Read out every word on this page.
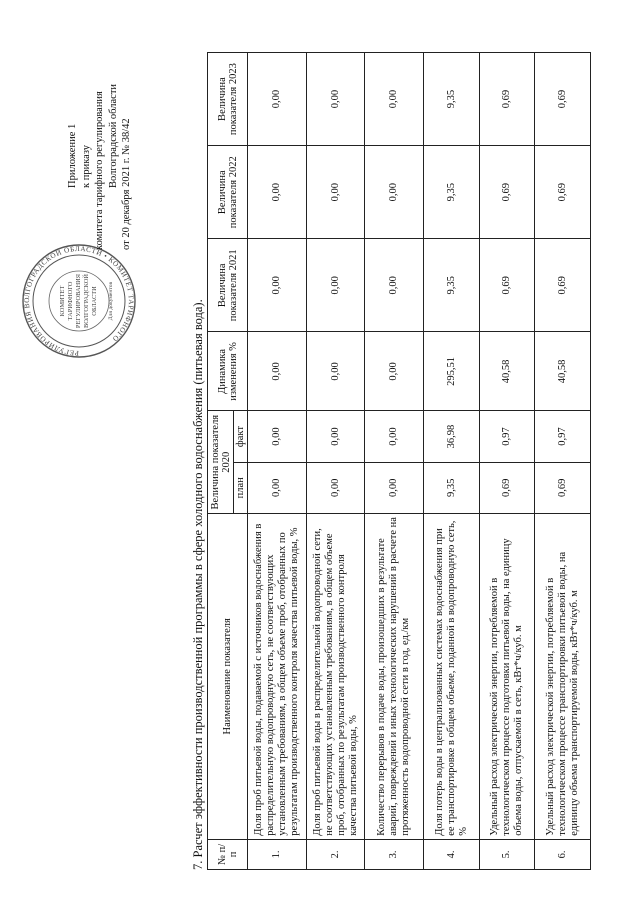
РЕГУЛИРОВАНИЯ ВОЛГОГРАДСКОЙ ОБЛАСТИ • КОМИТЕТ ТАРИФНОГО
КОМИТЕТ ТАРИФНОГО РЕГУЛИРОВАНИЯ ВОЛГОГРАДСКОЙ ОБЛАСТИ Для документов
Приложение 1 к приказу комитета тарифного регулирования Волгоградской области от 20 декабря 2021 г. № 38/42
7. Расчет эффективности производственной программы в сфере холодного водоснабжения (питьевая вода). № п/п	Наименование показателя	Величина показателя 2020		Динамика изменения %	Величина показателя 2021	Величина показателя 2022	Величина показателя 2023
		план	факт				
1.	Доля проб питьевой воды, подаваемой с источников водоснабжения в распределительную водопроводную сеть, не соответствующих установленным требованиям, в общем объеме проб, отобранных по результатам производственного контроля качества питьевой воды, %	0,00	0,00	0,00	0,00	0,00	0,00
2.	Доля проб питьевой воды в распределительной водопроводной сети, не соответствующих установленным требованиям, в общем объеме проб, отобранных по результатам производственного контроля качества питьевой воды, %	0,00	0,00	0,00	0,00	0,00	0,00
3.	Количество перерывов в подаче воды, произошедших в результате аварий, повреждений и иных технологических нарушений в расчете на протяженность водопроводной сети в год, ед./км	0,00	0,00	0,00	0,00	0,00	0,00
4.	Доля потерь воды в централизованных системах водоснабжения при ее транспортировке в общем объеме, поданной в водопроводную сеть, %	9,35	36,98	295,51	9,35	9,35	9,35
5.	Удельный расход электрической энергии, потребляемой в технологическом процессе подготовки питьевой воды, на единицу объема воды, отпускаемой в сеть, кВт*ч/куб. м	0,69	0,97	40,58	0,69	0,69	0,69
6.	Удельный расход электрической энергии, потребляемой в технологическом процессе транспортировки питьевой воды, на единицу объема транспортируемой воды, кВт*ч/куб. м	0,69	0,97	40,58	0,69	0,69	0,69
